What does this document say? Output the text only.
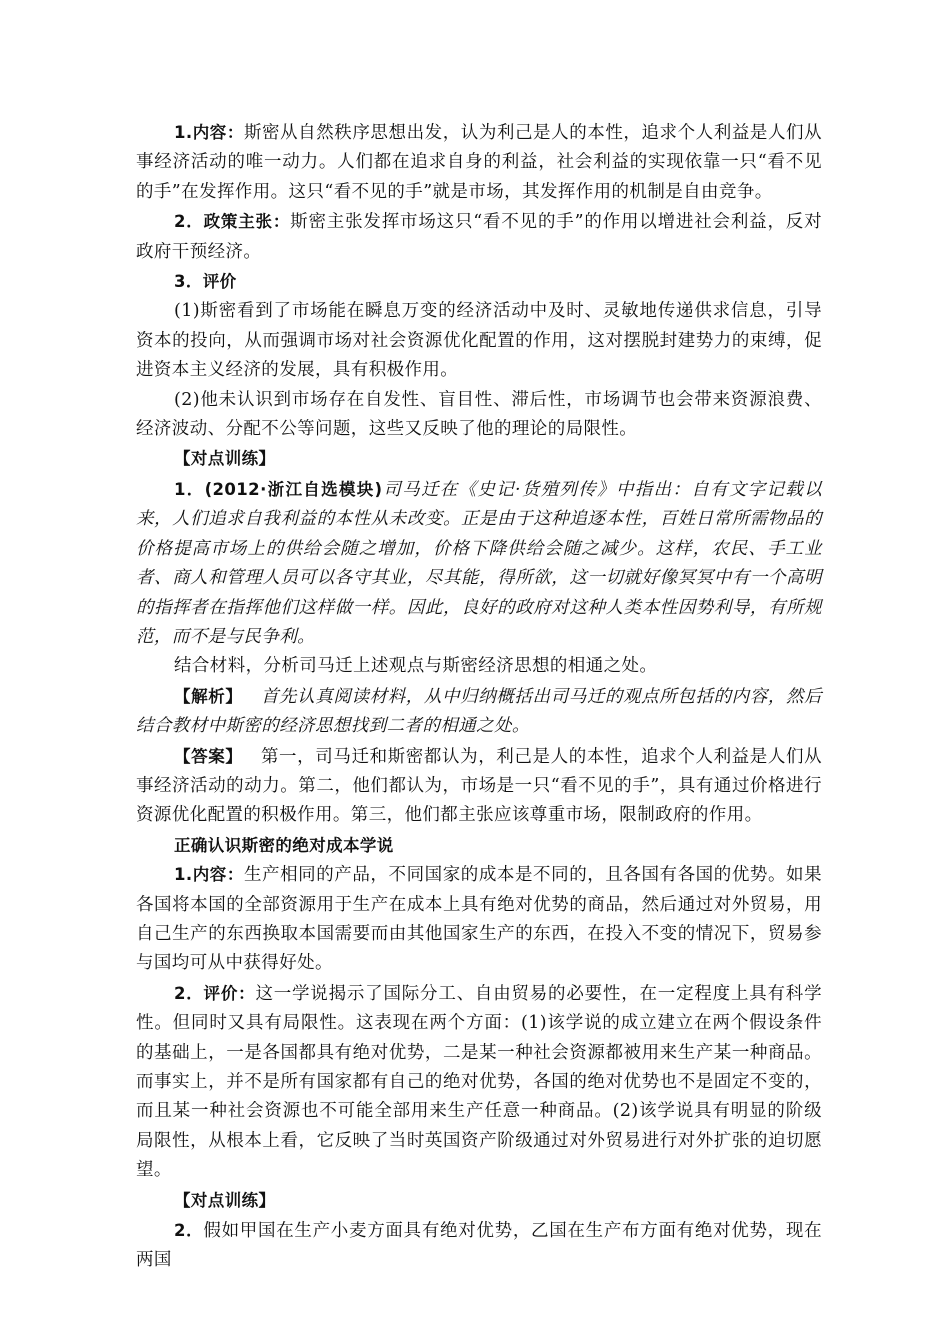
1.内容：斯密从自然秩序思想出发，认为利己是人的本性，追求个人利益是人们从事经济活动的唯一动力。人们都在追求自身的利益，社会利益的实现依靠一只“看不见的手”在发挥作用。这只“看不见的手”就是市场，其发挥作用的机制是自由竞争。

2．政策主张：斯密主张发挥市场这只“看不见的手”的作用以增进社会利益，反对政府干预经济。

3．评价

(1)斯密看到了市场能在瞬息万变的经济活动中及时、灵敏地传递供求信息，引导资本的投向，从而强调市场对社会资源优化配置的作用，这对摆脱封建势力的束缚，促进资本主义经济的发展，具有积极作用。

(2)他未认识到市场存在自发性、盲目性、滞后性，市场调节也会带来资源浪费、经济波动、分配不公等问题，这些又反映了他的理论的局限性。

【对点训练】

1．(2012·浙江自选模块)司马迁在《史记·货殖列传》中指出：自有文字记载以来，人们追求自我利益的本性从未改变。正是由于这种追逐本性，百姓日常所需物品的价格提高市场上的供给会随之增加，价格下降供给会随之减少。这样，农民、手工业者、商人和管理人员可以各守其业，尽其能，得所欲，这一切就好像冥冥中有一个高明的指挥者在指挥他们这样做一样。因此，良好的政府对这种人类本性因势利导，有所规范，而不是与民争利。

结合材料，分析司马迁上述观点与斯密经济思想的相通之处。

【解析】 首先认真阅读材料，从中归纳概括出司马迁的观点所包括的内容，然后结合教材中斯密的经济思想找到二者的相通之处。

【答案】 第一，司马迁和斯密都认为，利己是人的本性，追求个人利益是人们从事经济活动的动力。第二，他们都认为，市场是一只“看不见的手”，具有通过价格进行资源优化配置的积极作用。第三，他们都主张应该尊重市场，限制政府的作用。

正确认识斯密的绝对成本学说

1.内容：生产相同的产品，不同国家的成本是不同的，且各国有各国的优势。如果各国将本国的全部资源用于生产在成本上具有绝对优势的商品，然后通过对外贸易，用自己生产的东西换取本国需要而由其他国家生产的东西，在投入不变的情况下，贸易参与国均可从中获得好处。

2．评价：这一学说揭示了国际分工、自由贸易的必要性，在一定程度上具有科学性。但同时又具有局限性。这表现在两个方面：(1)该学说的成立建立在两个假设条件的基础上，一是各国都具有绝对优势，二是某一种社会资源都被用来生产某一种商品。而事实上，并不是所有国家都有自己的绝对优势，各国的绝对优势也不是固定不变的，而且某一种社会资源也不可能全部用来生产任意一种商品。(2)该学说具有明显的阶级局限性，从根本上看，它反映了当时英国资产阶级通过对外贸易进行对外扩张的迫切愿望。

【对点训练】

2．假如甲国在生产小麦方面具有绝对优势，乙国在生产布方面有绝对优势，现在两国
